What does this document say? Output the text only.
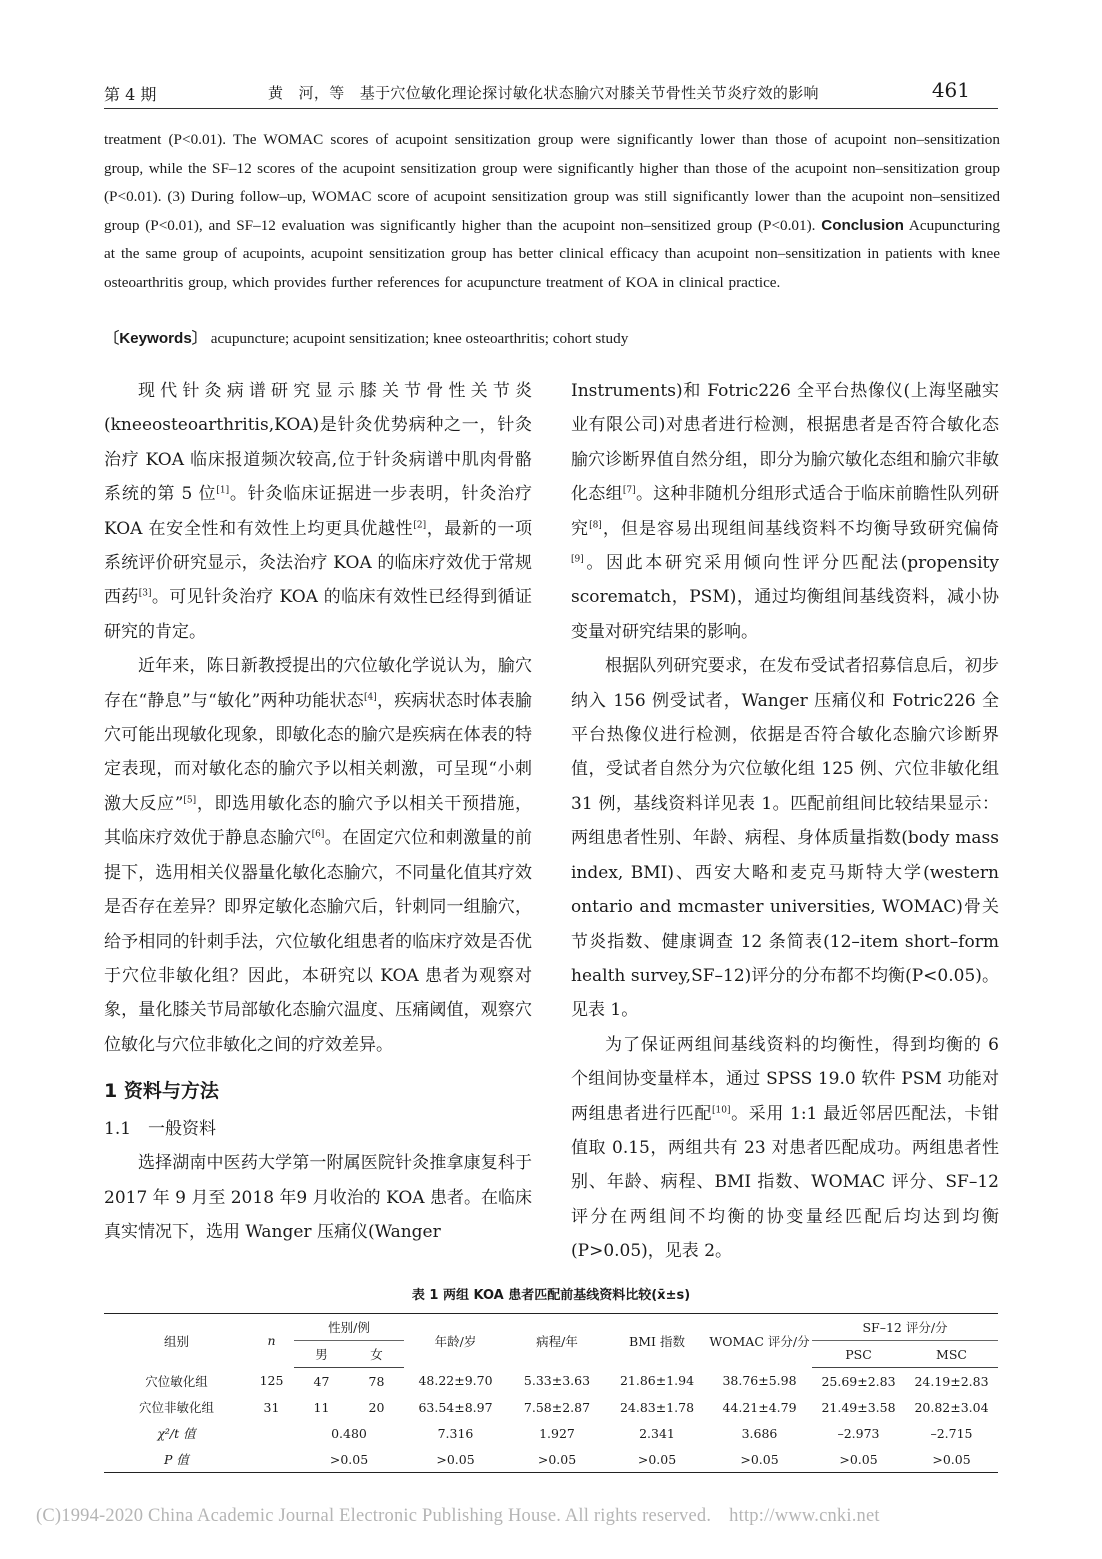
第 4 期	黄　河，等　基于穴位敏化理论探讨敏化状态腧穴对膝关节骨性关节炎疗效的影响	461

treatment (P<0.01). The WOMAC scores of acupoint sensitization group were significantly lower than those of acupoint non–sensitization group, while the SF–12 scores of the acupoint sensitization group were significantly higher than those of the acupoint non–sensitization group (P<0.01). (3) During follow–up, WOMAC score of acupoint sensitization group was still significantly lower than the acupoint non–sensitized group (P<0.01), and SF–12 evaluation was significantly higher than the acupoint non–sensitized group (P<0.01). Conclusion Acupuncturing at the same group of acupoints, acupoint sensitization group has better clinical efficacy than acupoint non–sensitization in patients with knee osteoarthritis group, which provides further references for acupuncture treatment of KOA in clinical practice.

〔Keywords〕 acupuncture; acupoint sensitization; knee osteoarthritis; cohort study

现代针灸病谱研究显示膝关节骨性关节炎(kneeosteoarthritis,KOA)是针灸优势病种之一，针灸治疗 KOA 临床报道频次较高,位于针灸病谱中肌肉骨骼系统的第 5 位[1]。针灸临床证据进一步表明，针灸治疗 KOA 在安全性和有效性上均更具优越性[2]，最新的一项系统评价研究显示，灸法治疗 KOA 的临床疗效优于常规西药[3]。可见针灸治疗 KOA 的临床有效性已经得到循证研究的肯定。

近年来，陈日新教授提出的穴位敏化学说认为，腧穴存在“静息”与“敏化”两种功能状态[4]，疾病状态时体表腧穴可能出现敏化现象，即敏化态的腧穴是疾病在体表的特定表现，而对敏化态的腧穴予以相关刺激，可呈现“小刺激大反应”[5]，即选用敏化态的腧穴予以相关干预措施，其临床疗效优于静息态腧穴[6]。在固定穴位和刺激量的前提下，选用相关仪器量化敏化态腧穴，不同量化值其疗效是否存在差异？即界定敏化态腧穴后，针刺同一组腧穴，给予相同的针刺手法，穴位敏化组患者的临床疗效是否优于穴位非敏化组？因此，本研究以 KOA 患者为观察对象，量化膝关节局部敏化态腧穴温度、压痛阈值，观察穴位敏化与穴位非敏化之间的疗效差异。

1 资料与方法
1.1　一般资料

选择湖南中医药大学第一附属医院针灸推拿康复科于 2017 年 9 月至 2018 年9 月收治的 KOA 患者。在临床真实情况下，选用 Wanger 压痛仪(Wanger

Instruments)和 Fotric226 全平台热像仪(上海坚融实业有限公司)对患者进行检测，根据患者是否符合敏化态腧穴诊断界值自然分组，即分为腧穴敏化态组和腧穴非敏化态组[7]。这种非随机分组形式适合于临床前瞻性队列研究[8]，但是容易出现组间基线资料不均衡导致研究偏倚[9]。因此本研究采用倾向性评分匹配法(propensity scorematch，PSM)，通过均衡组间基线资料，减小协变量对研究结果的影响。

根据队列研究要求，在发布受试者招募信息后，初步纳入 156 例受试者，Wanger 压痛仪和 Fotric226 全平台热像仪进行检测，依据是否符合敏化态腧穴诊断界值，受试者自然分为穴位敏化组 125 例、穴位非敏化组 31 例，基线资料详见表 1。匹配前组间比较结果显示：两组患者性别、年龄、病程、身体质量指数(body mass index, BMI)、西安大略和麦克马斯特大学(western ontario and mcmaster universities, WOMAC)骨关节炎指数、健康调查 12 条简表(12–item short–form health survey,SF–12)评分的分布都不均衡(P<0.05)。见表 1。

为了保证两组间基线资料的均衡性，得到均衡的 6 个组间协变量样本，通过 SPSS 19.0 软件 PSM 功能对两组患者进行匹配[10]。采用 1:1 最近邻居匹配法，卡钳值取 0.15，两组共有 23 对患者匹配成功。两组患者性别、年龄、病程、BMI 指数、WOMAC 评分、SF–12 评分在两组间不均衡的协变量经匹配后均达到均衡(P>0.05)，见表 2。

表 1 两组 KOA 患者匹配前基线资料比较(x̄±s)
组别	n	性别/例		年龄/岁	病程/年	BMI 指数	WOMAC 评分/分	SF–12 评分/分	
		男	女					PSC	MSC
穴位敏化组	125	47	78	48.22±9.70	5.33±3.63	21.86±1.94	38.76±5.98	25.69±2.83	24.19±2.83
穴位非敏化组	31	11	20	63.54±8.97	7.58±2.87	24.83±1.78	44.21±4.79	21.49±3.58	20.82±3.04
χ²/t 值		0.480		7.316	1.927	2.341	3.686	–2.973	–2.715
P 值		>0.05		>0.05	>0.05	>0.05	>0.05	>0.05	>0.05
(C)1994-2020 China Academic Journal Electronic Publishing House. All rights reserved. http://www.cnki.net
